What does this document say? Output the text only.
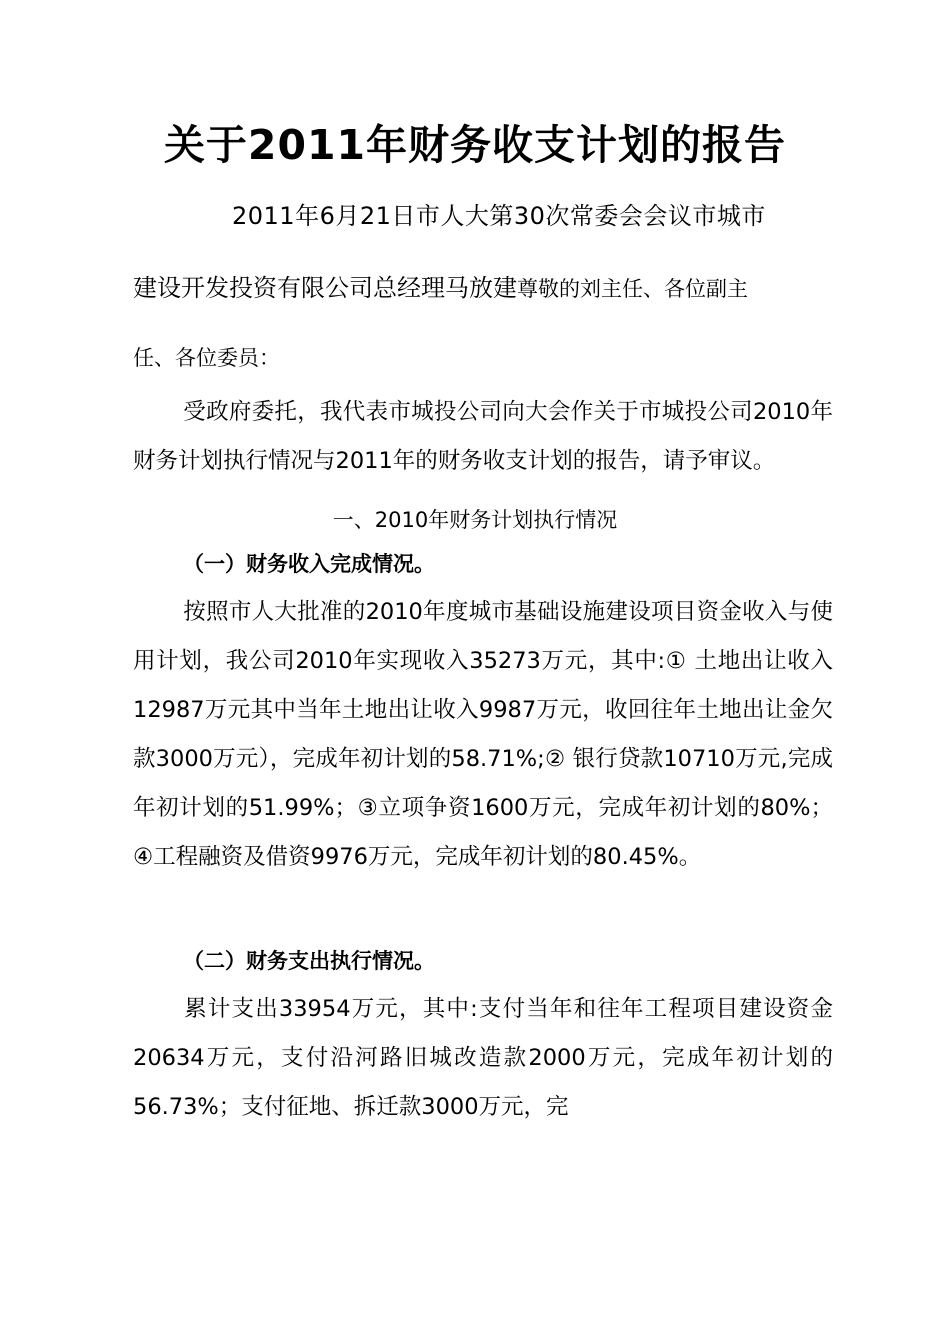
关于2011年财务收支计划的报告

2011年6月21日市人大第30次常委会会议市城市

建设开发投资有限公司总经理马放建尊敬的刘主任、各位副主

任、各位委员：

受政府委托，我代表市城投公司向大会作关于市城投公司2010年财务计划执行情况与2011年的财务收支计划的报告，请予审议。

一、2010年财务计划执行情况

（一）财务收入完成情况。

按照市人大批准的2010年度城市基础设施建设项目资金收入与使用计划，我公司2010年实现收入35273万元，其中:① 土地出让收入12987万元其中当年土地出让收入9987万元，收回往年土地出让金欠款3000万元），完成年初计划的58.71%;② 银行贷款10710万元,完成年初计划的51.99%；③立项争资1600万元，完成年初计划的80%；④工程融资及借资9976万元，完成年初计划的80.45%。

（二）财务支出执行情况。

累计支出33954万元，其中:支付当年和往年工程项目建设资金20634万元，支付沿河路旧城改造款2000万元，完成年初计划的56.73%；支付征地、拆迁款3000万元，完
